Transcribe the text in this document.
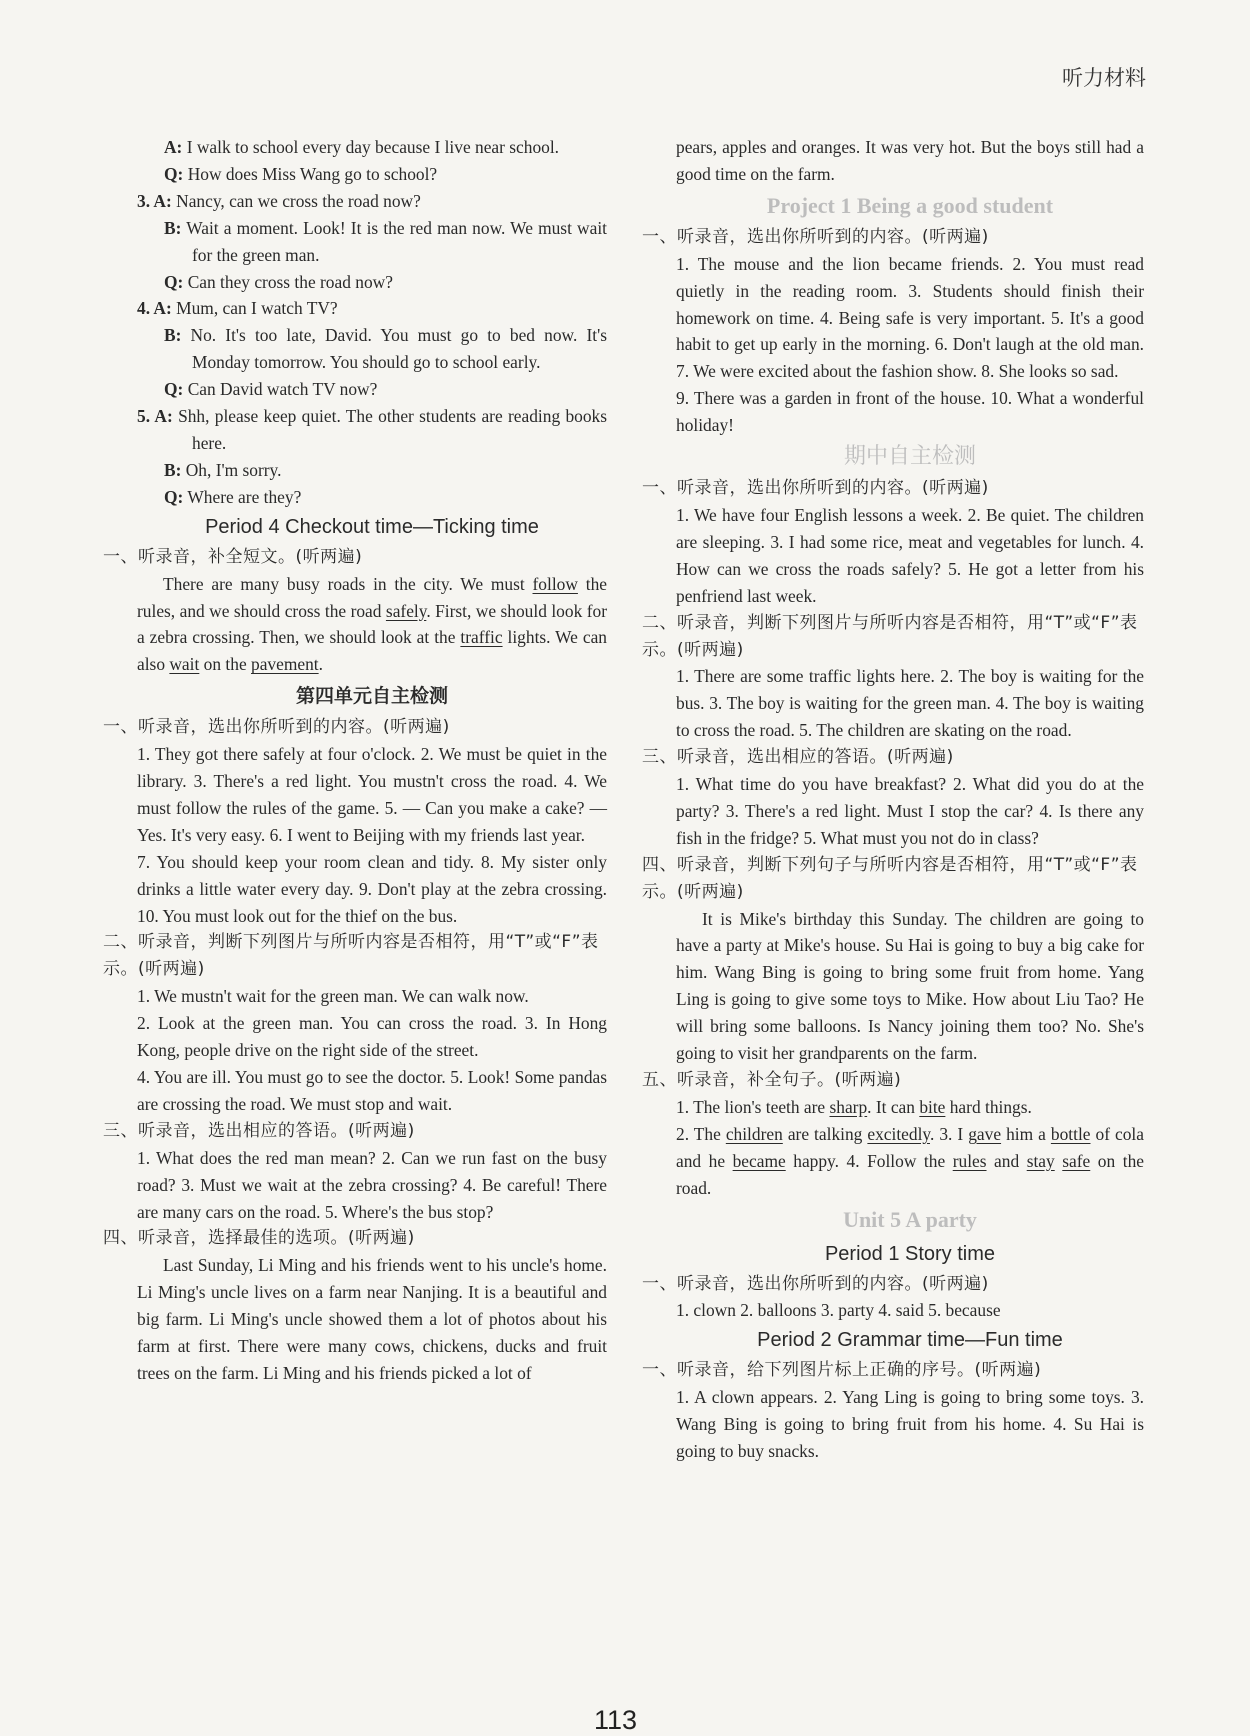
听力材料

A: I walk to school every day because I live near school.

Q: How does Miss Wang go to school?

3. A: Nancy, can we cross the road now?

B: Wait a moment. Look! It is the red man now. We must wait for the green man.

Q: Can they cross the road now?

4. A: Mum, can I watch TV?

B: No. It's too late, David. You must go to bed now. It's Monday tomorrow. You should go to school early.

Q: Can David watch TV now?

5. A: Shh, please keep quiet. The other students are reading books here.

B: Oh, I'm sorry.

Q: Where are they?

Period 4 Checkout time—Ticking time

一、听录音，补全短文。(听两遍)

There are many busy roads in the city. We must follow the rules, and we should cross the road safely. First, we should look for a zebra crossing. Then, we should look at the traffic lights. We can also wait on the pavement.

第四单元自主检测

一、听录音，选出你所听到的内容。(听两遍)

1. They got there safely at four o'clock. 2. We must be quiet in the library. 3. There's a red light. You mustn't cross the road. 4. We must follow the rules of the game. 5. — Can you make a cake? — Yes. It's very easy. 6. I went to Beijing with my friends last year.

7. You should keep your room clean and tidy. 8. My sister only drinks a little water every day. 9. Don't play at the zebra crossing. 10. You must look out for the thief on the bus.

二、听录音，判断下列图片与所听内容是否相符，用“T”或“F”表示。(听两遍)

1. We mustn't wait for the green man. We can walk now.

2. Look at the green man. You can cross the road. 3. In Hong Kong, people drive on the right side of the street.

4. You are ill. You must go to see the doctor. 5. Look! Some pandas are crossing the road. We must stop and wait.

三、听录音，选出相应的答语。(听两遍)

1. What does the red man mean? 2. Can we run fast on the busy road? 3. Must we wait at the zebra crossing? 4. Be careful! There are many cars on the road. 5. Where's the bus stop?

四、听录音，选择最佳的选项。(听两遍)

Last Sunday, Li Ming and his friends went to his uncle's home. Li Ming's uncle lives on a farm near Nanjing. It is a beautiful and big farm. Li Ming's uncle showed them a lot of photos about his farm at first. There were many cows, chickens, ducks and fruit trees on the farm. Li Ming and his friends picked a lot of

pears, apples and oranges. It was very hot. But the boys still had a good time on the farm.

Project 1 Being a good student

一、听录音，选出你所听到的内容。(听两遍)

1. The mouse and the lion became friends. 2. You must read quietly in the reading room. 3. Students should finish their homework on time. 4. Being safe is very important. 5. It's a good habit to get up early in the morning. 6. Don't laugh at the old man. 7. We were excited about the fashion show. 8. She looks so sad.

9. There was a garden in front of the house. 10. What a wonderful holiday!

期中自主检测

一、听录音，选出你所听到的内容。(听两遍)

1. We have four English lessons a week. 2. Be quiet. The children are sleeping. 3. I had some rice, meat and vegetables for lunch. 4. How can we cross the roads safely? 5. He got a letter from his penfriend last week.

二、听录音，判断下列图片与所听内容是否相符，用“T”或“F”表示。(听两遍)

1. There are some traffic lights here. 2. The boy is waiting for the bus. 3. The boy is waiting for the green man. 4. The boy is waiting to cross the road. 5. The children are skating on the road.

三、听录音，选出相应的答语。(听两遍)

1. What time do you have breakfast? 2. What did you do at the party? 3. There's a red light. Must I stop the car? 4. Is there any fish in the fridge? 5. What must you not do in class?

四、听录音，判断下列句子与所听内容是否相符，用“T”或“F”表示。(听两遍)

It is Mike's birthday this Sunday. The children are going to have a party at Mike's house. Su Hai is going to buy a big cake for him. Wang Bing is going to bring some fruit from home. Yang Ling is going to give some toys to Mike. How about Liu Tao? He will bring some balloons. Is Nancy joining them too? No. She's going to visit her grandparents on the farm.

五、听录音，补全句子。(听两遍)

1. The lion's teeth are sharp. It can bite hard things.
2. The children are talking excitedly. 3. I gave him a bottle of cola and he became happy. 4. Follow the rules and stay safe on the road.

Unit 5 A party

Period 1 Story time

一、听录音，选出你所听到的内容。(听两遍)

1. clown 2. balloons 3. party 4. said 5. because

Period 2 Grammar time—Fun time

一、听录音，给下列图片标上正确的序号。(听两遍)

1. A clown appears. 2. Yang Ling is going to bring some toys. 3. Wang Bing is going to bring fruit from his home. 4. Su Hai is going to buy snacks.

113
